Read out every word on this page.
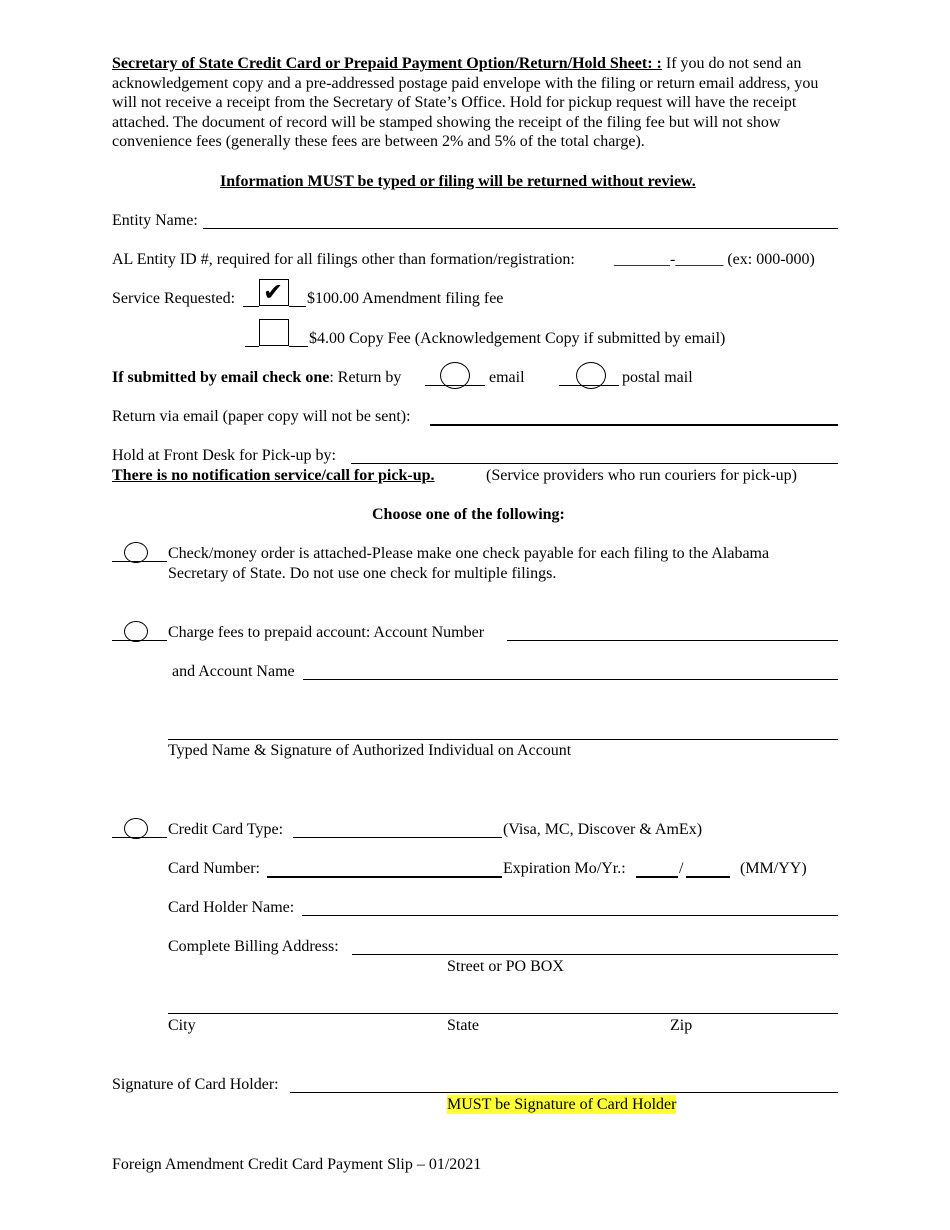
Secretary of State Credit Card or Prepaid Payment Option/Return/Hold Sheet: : If you do not send an acknowledgement copy and a pre-addressed postage paid envelope with the filing or return email address, you will not receive a receipt from the Secretary of State’s Office. Hold for pickup request will have the receipt attached. The document of record will be stamped showing the receipt of the filing fee but will not show convenience fees (generally these fees are between 2% and 5% of the total charge).
Information MUST be typed or filing will be returned without review.
Entity Name:
AL Entity ID #, required for all filings other than formation/registration: _______-______ (ex: 000-000)
Service Requested: ✔ $100.00 Amendment filing fee
$4.00 Copy Fee (Acknowledgement Copy if submitted by email)
If submitted by email check one: Return by	email	postal mail
Return via email (paper copy will not be sent):
Hold at Front Desk for Pick-up by:
There is no notification service/call for pick-up.	(Service providers who run couriers for pick-up)
Choose one of the following:
Check/money order is attached-Please make one check payable for each filing to the Alabama
Secretary of State. Do not use one check for multiple filings.
Charge fees to prepaid account: Account Number
and Account Name
Typed Name & Signature of Authorized Individual on Account
Credit Card Type:	(Visa, MC, Discover & AmEx)
Card Number:	Expiration Mo/Yr.:	/	(MM/YY)
Card Holder Name:
Complete Billing Address:
Street or PO BOX
City	State	Zip
Signature of Card Holder:
MUST be Signature of Card Holder
Foreign Amendment Credit Card Payment Slip – 01/2021
